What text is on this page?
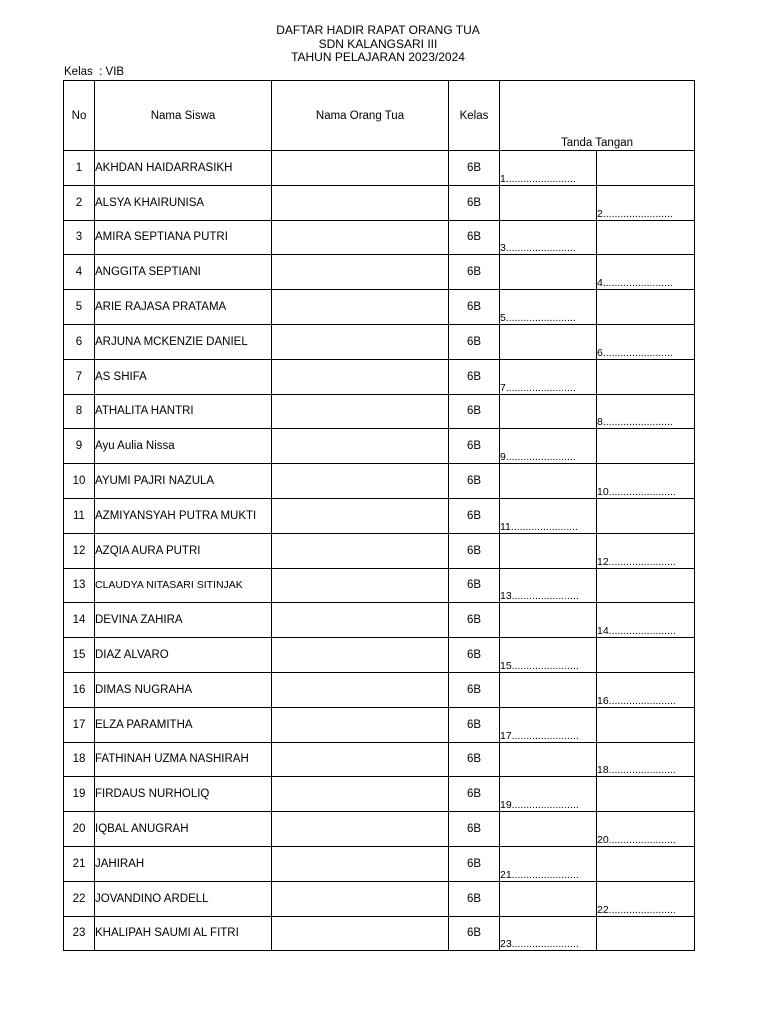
DAFTAR HADIR RAPAT ORANG TUA
SDN KALANGSARI III
TAHUN PELAJARAN 2023/2024
Kelas  : VIB
No	Nama Siswa	Nama Orang Tua	Kelas	Tanda Tangan	
1	AKHDAN HAIDARRASIKH		6B	1........................	
2	ALSYA KHAIRUNISA		6B		2........................
3	AMIRA SEPTIANA PUTRI		6B	3........................	
4	ANGGITA SEPTIANI		6B		4........................
5	ARIE RAJASA PRATAMA		6B	5........................	
6	ARJUNA MCKENZIE DANIEL		6B		6........................
7	AS SHIFA		6B	7........................	
8	ATHALITA HANTRI		6B		8........................
9	Ayu Aulia Nissa		6B	9........................	
10	AYUMI PAJRI NAZULA		6B		10.......................
11	AZMIYANSYAH PUTRA MUKTI		6B	11.......................	
12	AZQIA AURA PUTRI		6B		12.......................
13	CLAUDYA NITASARI SITINJAK		6B	13.......................	
14	DEVINA ZAHIRA		6B		14.......................
15	DIAZ ALVARO		6B	15.......................	
16	DIMAS NUGRAHA		6B		16.......................
17	ELZA PARAMITHA		6B	17.......................	
18	FATHINAH UZMA NASHIRAH		6B		18.......................
19	FIRDAUS NURHOLIQ		6B	19.......................	
20	IQBAL ANUGRAH		6B		20.......................
21	JAHIRAH		6B	21.......................	
22	JOVANDINO ARDELL		6B		22.......................
23	KHALIPAH SAUMI AL FITRI		6B	23.......................	
